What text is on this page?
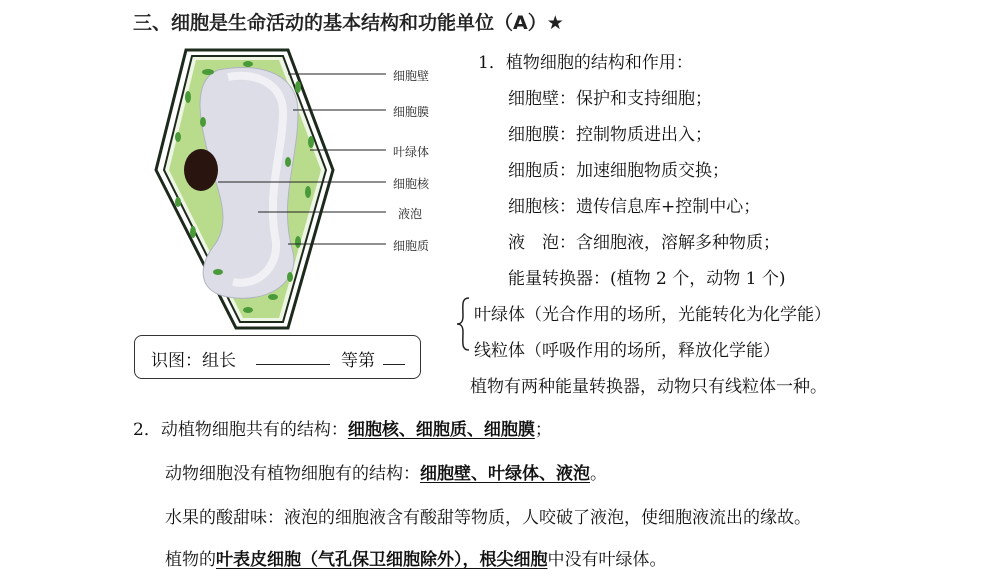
三、细胞是生命活动的基本结构和功能单位（A）★
细胞壁
细胞膜
叶绿体
细胞核
液泡
细胞质
识图：组长	等第
1．植物细胞的结构和作用：
细胞壁：保护和支持细胞；
细胞膜：控制物质进出入；
细胞质：加速细胞物质交换；
细胞核：遗传信息库+控制中心；
液　泡：含细胞液，溶解多种物质；
能量转换器：(植物 2 个，动物 1 个)
叶绿体（光合作用的场所，光能转化为化学能）
线粒体（呼吸作用的场所，释放化学能）
植物有两种能量转换器，动物只有线粒体一种。
2．动植物细胞共有的结构：细胞核、细胞质、细胞膜；
动物细胞没有植物细胞有的结构：细胞壁、叶绿体、液泡。
水果的酸甜味：液泡的细胞液含有酸甜等物质，人咬破了液泡，使细胞液流出的缘故。
植物的叶表皮细胞（气孔保卫细胞除外），根尖细胞中没有叶绿体。
